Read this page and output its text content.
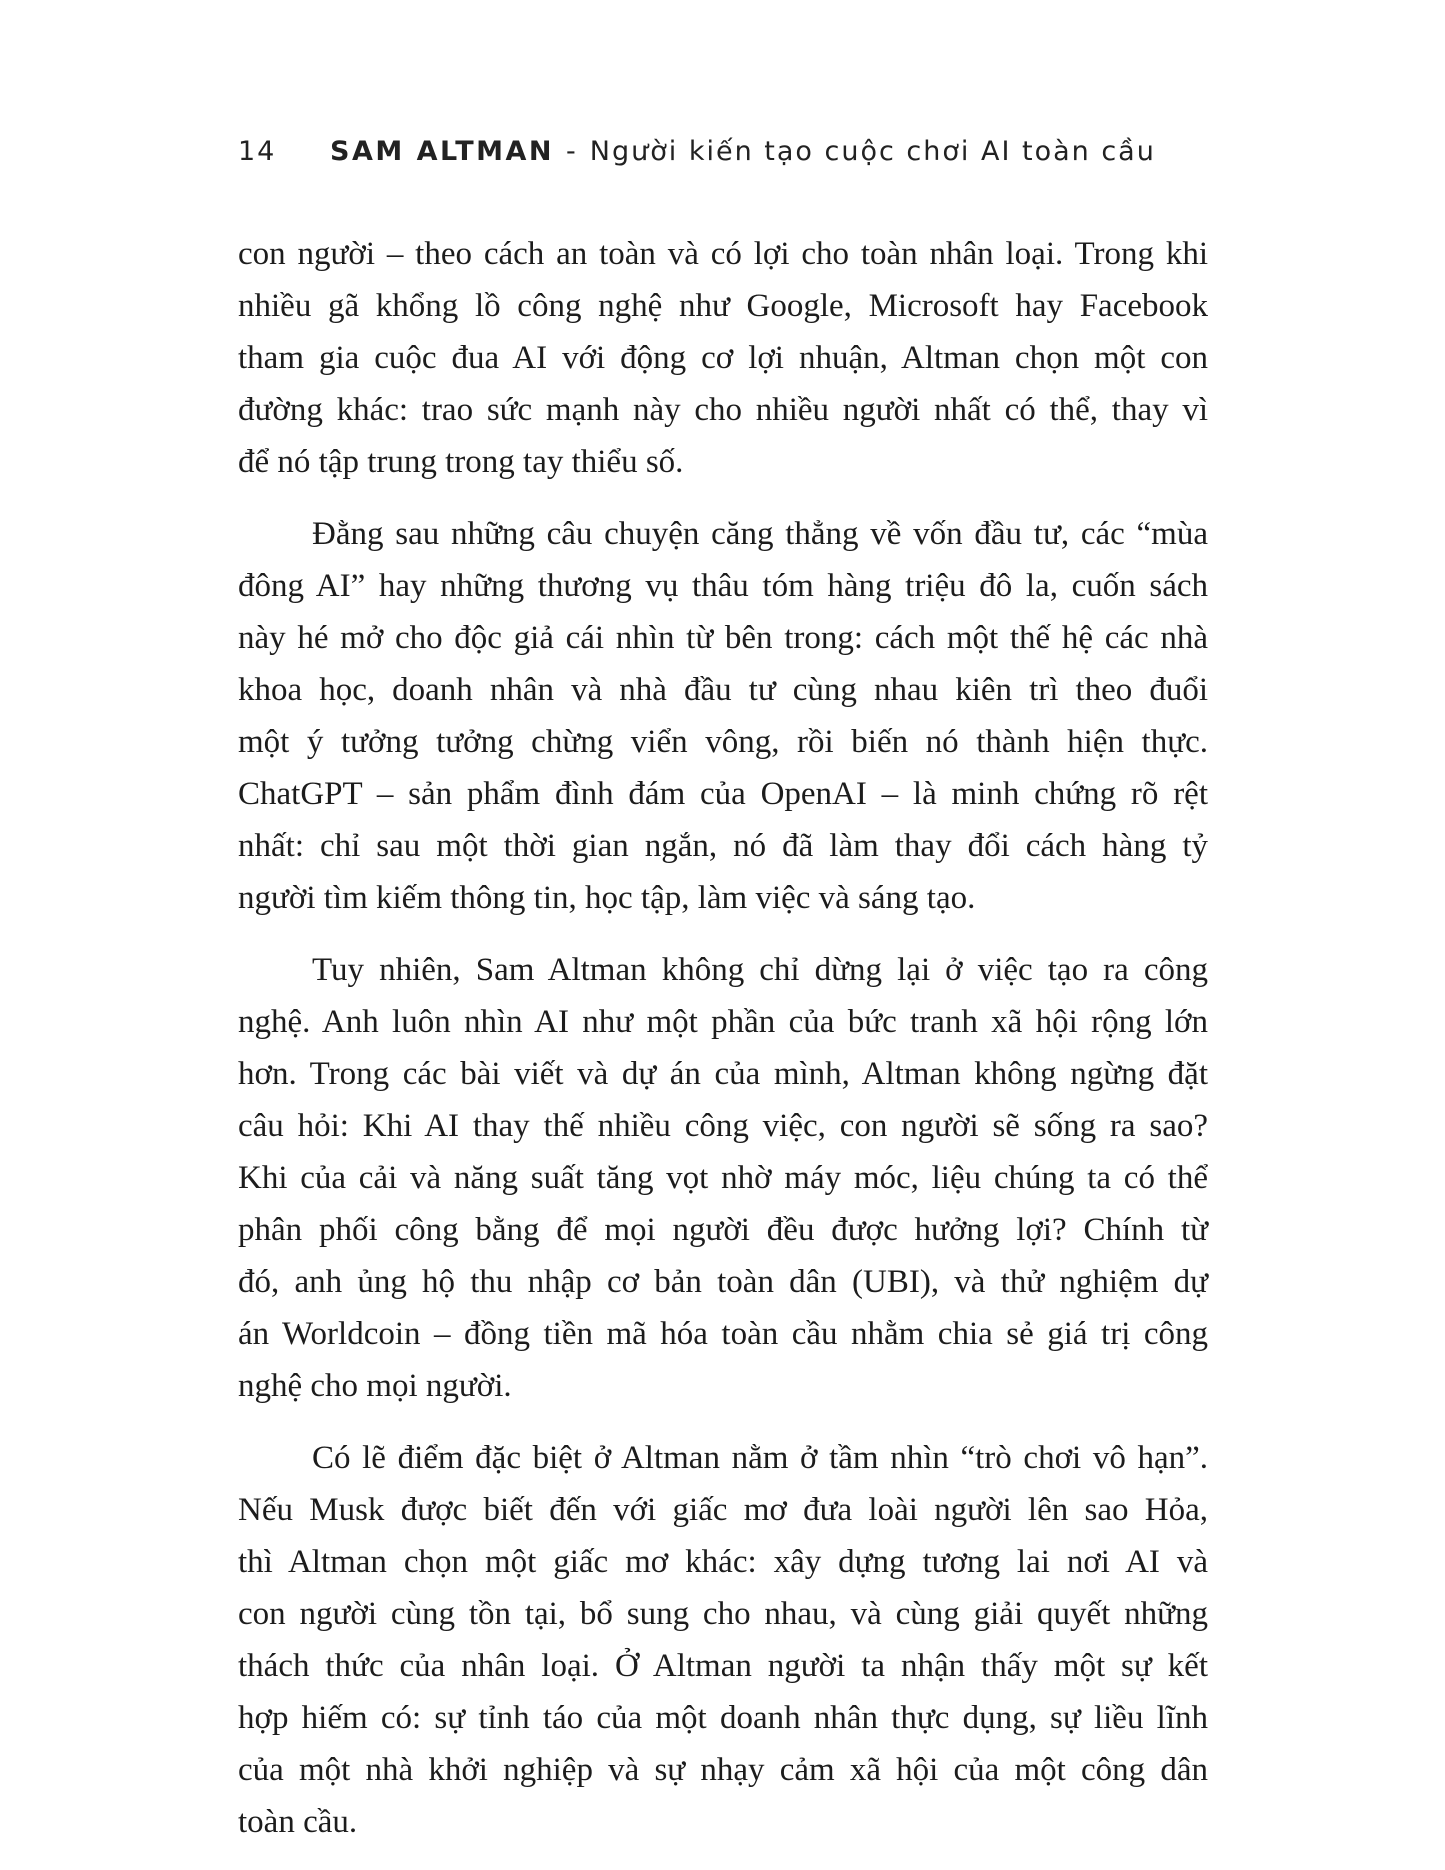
14	SAM ALTMAN - Người kiến tạo cuộc chơi AI toàn cầu

con người – theo cách an toàn và có lợi cho toàn nhân loại. Trong khi
nhiều gã khổng lồ công nghệ như Google, Microsoft hay Facebook
tham gia cuộc đua AI với động cơ lợi nhuận, Altman chọn một con
đường khác: trao sức mạnh này cho nhiều người nhất có thể, thay vì
để nó tập trung trong tay thiểu số.

Đằng sau những câu chuyện căng thẳng về vốn đầu tư, các “mùa
đông AI” hay những thương vụ thâu tóm hàng triệu đô la, cuốn sách
này hé mở cho độc giả cái nhìn từ bên trong: cách một thế hệ các nhà
khoa học, doanh nhân và nhà đầu tư cùng nhau kiên trì theo đuổi
một ý tưởng tưởng chừng viển vông, rồi biến nó thành hiện thực.
ChatGPT – sản phẩm đình đám của OpenAI – là minh chứng rõ rệt
nhất: chỉ sau một thời gian ngắn, nó đã làm thay đổi cách hàng tỷ
người tìm kiếm thông tin, học tập, làm việc và sáng tạo.

Tuy nhiên, Sam Altman không chỉ dừng lại ở việc tạo ra công
nghệ. Anh luôn nhìn AI như một phần của bức tranh xã hội rộng lớn
hơn. Trong các bài viết và dự án của mình, Altman không ngừng đặt
câu hỏi: Khi AI thay thế nhiều công việc, con người sẽ sống ra sao?
Khi của cải và năng suất tăng vọt nhờ máy móc, liệu chúng ta có thể
phân phối công bằng để mọi người đều được hưởng lợi? Chính từ
đó, anh ủng hộ thu nhập cơ bản toàn dân (UBI), và thử nghiệm dự
án Worldcoin – đồng tiền mã hóa toàn cầu nhằm chia sẻ giá trị công
nghệ cho mọi người.

Có lẽ điểm đặc biệt ở Altman nằm ở tầm nhìn “trò chơi vô hạn”.
Nếu Musk được biết đến với giấc mơ đưa loài người lên sao Hỏa,
thì Altman chọn một giấc mơ khác: xây dựng tương lai nơi AI và
con người cùng tồn tại, bổ sung cho nhau, và cùng giải quyết những
thách thức của nhân loại. Ở Altman người ta nhận thấy một sự kết
hợp hiếm có: sự tỉnh táo của một doanh nhân thực dụng, sự liều lĩnh
của một nhà khởi nghiệp và sự nhạy cảm xã hội của một công dân
toàn cầu.
